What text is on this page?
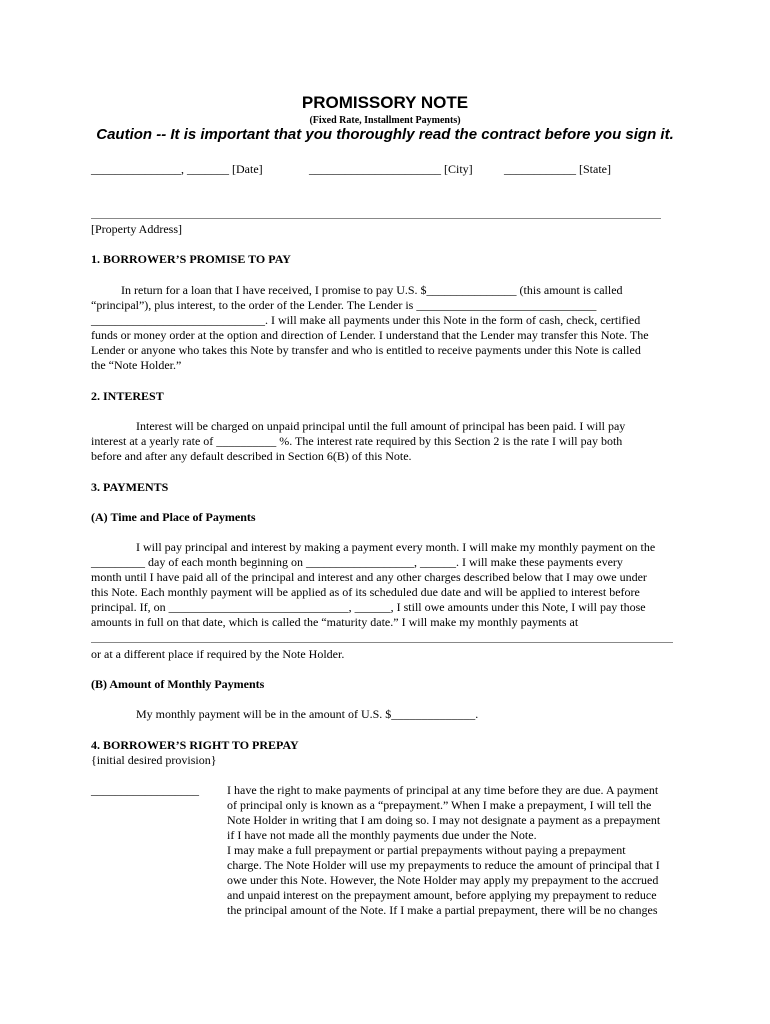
PROMISSORY NOTE
(Fixed Rate, Installment Payments)
Caution -- It is important that you thoroughly read the contract before you sign it.
_______________, _______ [Date]	______________________ [City]	____________ [State]
[Property Address]
1. BORROWER’S PROMISE TO PAY
In return for a loan that I have received, I promise to pay U.S. $_______________ (this amount is called
“principal”), plus interest, to the order of the Lender. The Lender is ______________________________
_____________________________. I will make all payments under this Note in the form of cash, check, certified
funds or money order at the option and direction of Lender. I understand that the Lender may transfer this Note. The
Lender or anyone who takes this Note by transfer and who is entitled to receive payments under this Note is called
the “Note Holder.”
2. INTEREST
Interest will be charged on unpaid principal until the full amount of principal has been paid. I will pay
interest at a yearly rate of __________ %. The interest rate required by this Section 2 is the rate I will pay both
before and after any default described in Section 6(B) of this Note.
3. PAYMENTS
(A) Time and Place of Payments
I will pay principal and interest by making a payment every month. I will make my monthly payment on the
_________ day of each month beginning on __________________, ______. I will make these payments every
month until I have paid all of the principal and interest and any other charges described below that I may owe under
this Note. Each monthly payment will be applied as of its scheduled due date and will be applied to interest before
principal. If, on ______________________________, ______, I still owe amounts under this Note, I will pay those
amounts in full on that date, which is called the “maturity date.” I will make my monthly payments at
or at a different place if required by the Note Holder.
(B) Amount of Monthly Payments
My monthly payment will be in the amount of U.S. $______________.
4. BORROWER’S RIGHT TO PREPAY
{initial desired provision}
__________________ I have the right to make payments of principal at any time before they are due. A payment
of principal only is known as a “prepayment.” When I make a prepayment, I will tell the
Note Holder in writing that I am doing so. I may not designate a payment as a prepayment
if I have not made all the monthly payments due under the Note.
I may make a full prepayment or partial prepayments without paying a prepayment
charge. The Note Holder will use my prepayments to reduce the amount of principal that I
owe under this Note. However, the Note Holder may apply my prepayment to the accrued
and unpaid interest on the prepayment amount, before applying my prepayment to reduce
the principal amount of the Note. If I make a partial prepayment, there will be no changes
